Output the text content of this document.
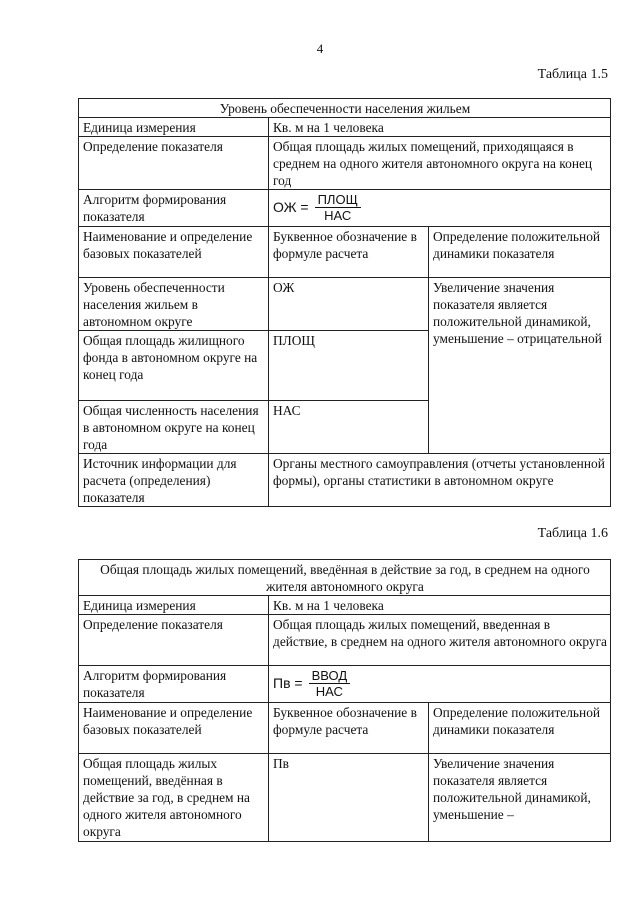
4
Таблица 1.5
Уровень обеспеченности населения жильем		
Единица измерения	Кв. м на 1 человека	
Определение показателя	Общая площадь жилых помещений, приходящаяся в среднем на одного жителя автономного округа на конец год	
Алгоритм формирования показателя	ОЖ = $\frac{\text{ПЛОЩ}}{\text{НАС}}$

Наименование и определение базовых показателей	Буквенное обозначение в формуле расчета	Определение положительной динамики показателя
Уровень обеспеченности населения жильем в автономном округе	ОЖ	Увеличение значения показателя является положительной динамикой, уменьшение – отрицательной
Общая площадь жилищного фонда в автономном округе на конец года	ПЛОЩ	
Общая численность населения в автономном округе на конец года	НАС	
Источник информации для расчета (определения) показателя	Органы местного самоуправления (отчеты установленной формы), органы статистики в автономном округе	
Таблица 1.6
Общая площадь жилых помещений, введённая в действие за год, в среднем на одного жителя автономного округа		
Единица измерения	Кв. м на 1 человека	
Определение показателя	Общая площадь жилых помещений, введенная в действие, в среднем на одного жителя автономного округа	
Алгоритм формирования показателя	Пв = $\frac{\text{ВВОД}}{\text{НАС}}$

Наименование и определение базовых показателей	Буквенное обозначение в формуле расчета	Определение положительной динамики показателя
Общая площадь жилых помещений, введённая в действие за год, в среднем на одного жителя автономного округа	Пв	Увеличение значения показателя является положительной динамикой, уменьшение –
